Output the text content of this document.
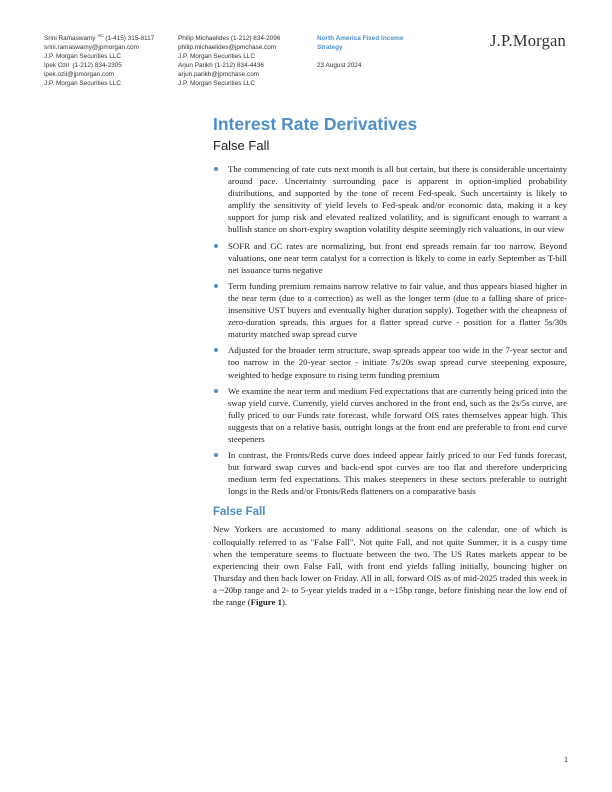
Srini Ramaswamy $^{AC}$ (1-415) 315-8117
srini.ramaswamy@jpmorgan.com
J.P. Morgan Securities LLC
Ipek Ozil (1-212) 834-2305
ipek.ozil@jpmorgan.com
J.P. Morgan Securities LLC
Philip Michaelides (1-212) 834-2096
philip.michaelides@jpmchase.com
J.P. Morgan Securities LLC
Arjun Parikh (1-212) 834-4436
arjun.parikh@jpmchase.com
J.P. Morgan Securities LLC
North America Fixed Income
Strategy
23 August 2024
J.P.Morgan
Interest Rate Derivatives
False Fall
The commencing of rate cuts next month is all but certain, but there is considerable uncertainty around pace. Uncertainty surrounding pace is apparent in option-implied probability distributions, and supported by the tone of recent Fed-speak. Such uncertainty is likely to amplify the sensitivity of yield levels to Fed-speak and/or economic data, making it a key support for jump risk and elevated realized volatility, and is significant enough to warrant a bullish stance on short-expiry swaption volatility despite seemingly rich valuations, in our view
SOFR and GC rates are normalizing, but front end spreads remain far too narrow. Beyond valuations, one near term catalyst for a correction is likely to come in early September as T-bill net issuance turns negative
Term funding premium remains narrow relative to fair value, and thus appears biased higher in the near term (due to a correction) as well as the longer term (due to a falling share of price-insensitive UST buyers and eventually higher duration supply). Together with the cheapness of zero-duration spreads, this argues for a flatter spread curve - position for a flatter 5s/30s maturity matched swap spread curve
Adjusted for the broader term structure, swap spreads appear too wide in the 7-year sector and too narrow in the 20-year sector - initiate 7s/20s swap spread curve steepening exposure, weighted to hedge exposure to rising term funding premium
We examine the near term and medium Fed expectations that are currently being priced into the swap yield curve. Currently, yield curves anchored in the front end, such as the 2s/5s curve, are fully priced to our Funds rate forecast, while forward OIS rates themselves appear high. This suggests that on a relative basis, outright longs at the front end are preferable to front end curve steepeners
In contrast, the Fronts/Reds curve does indeed appear fairly priced to our Fed funds forecast, but forward swap curves and back-end spot curves are too flat and therefore underpricing medium term fed expectations. This makes steepeners in these sectors preferable to outright longs in the Reds and/or Fronts/Reds flatteners on a comparative basis
False Fall

New Yorkers are accustomed to many additional seasons on the calendar, one of which is colloquially referred to as "False Fall". Not quite Fall, and not quite Summer, it is a cuspy time when the temperature seems to fluctuate between the two. The US Rates markets appear to be experiencing their own False Fall, with front end yields falling initially, bouncing higher on Thursday and then back lower on Friday. All in all, forward OIS as of mid-2025 traded this week in a ~20bp range and 2- to 5-year yields traded in a ~15bp range, before finishing near the low end of the range (Figure 1).

1
